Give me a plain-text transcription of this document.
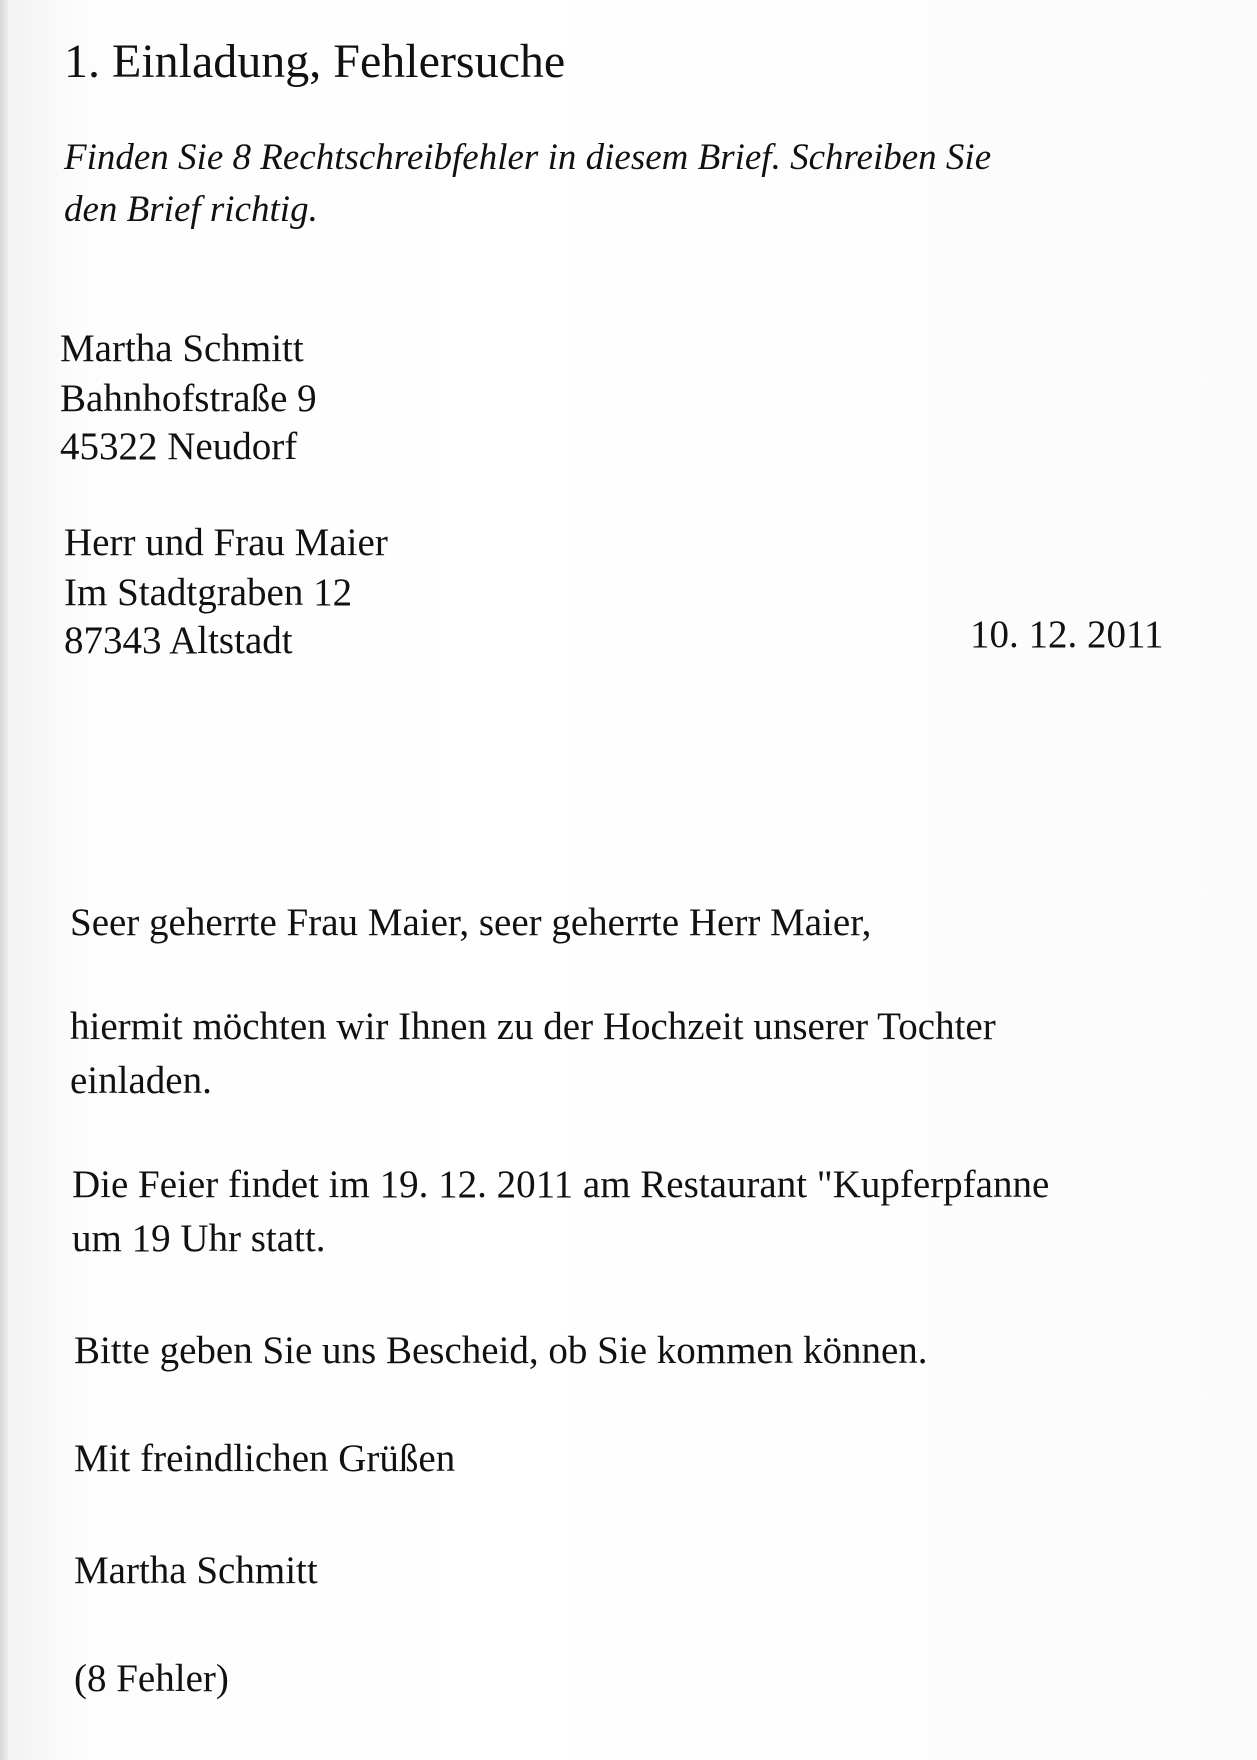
1. Einladung, Fehlersuche
Finden Sie 8 Rechtschreibfehler in diesem Brief. Schreiben Sie
den Brief richtig.
Martha Schmitt
Bahnhofstraße 9
45322 Neudorf
Herr und Frau Maier
Im Stadtgraben 12
87343 Altstadt	10. 12. 2011
Seer geherrte Frau Maier, seer geherrte Herr Maier,
hiermit möchten wir Ihnen zu der Hochzeit unserer Tochter
einladen.
Die Feier findet im 19. 12. 2011 am Restaurant "Kupferpfanne
um 19 Uhr statt.
Bitte geben Sie uns Bescheid, ob Sie kommen können.
Mit freindlichen Grüßen
Martha Schmitt
(8 Fehler)
